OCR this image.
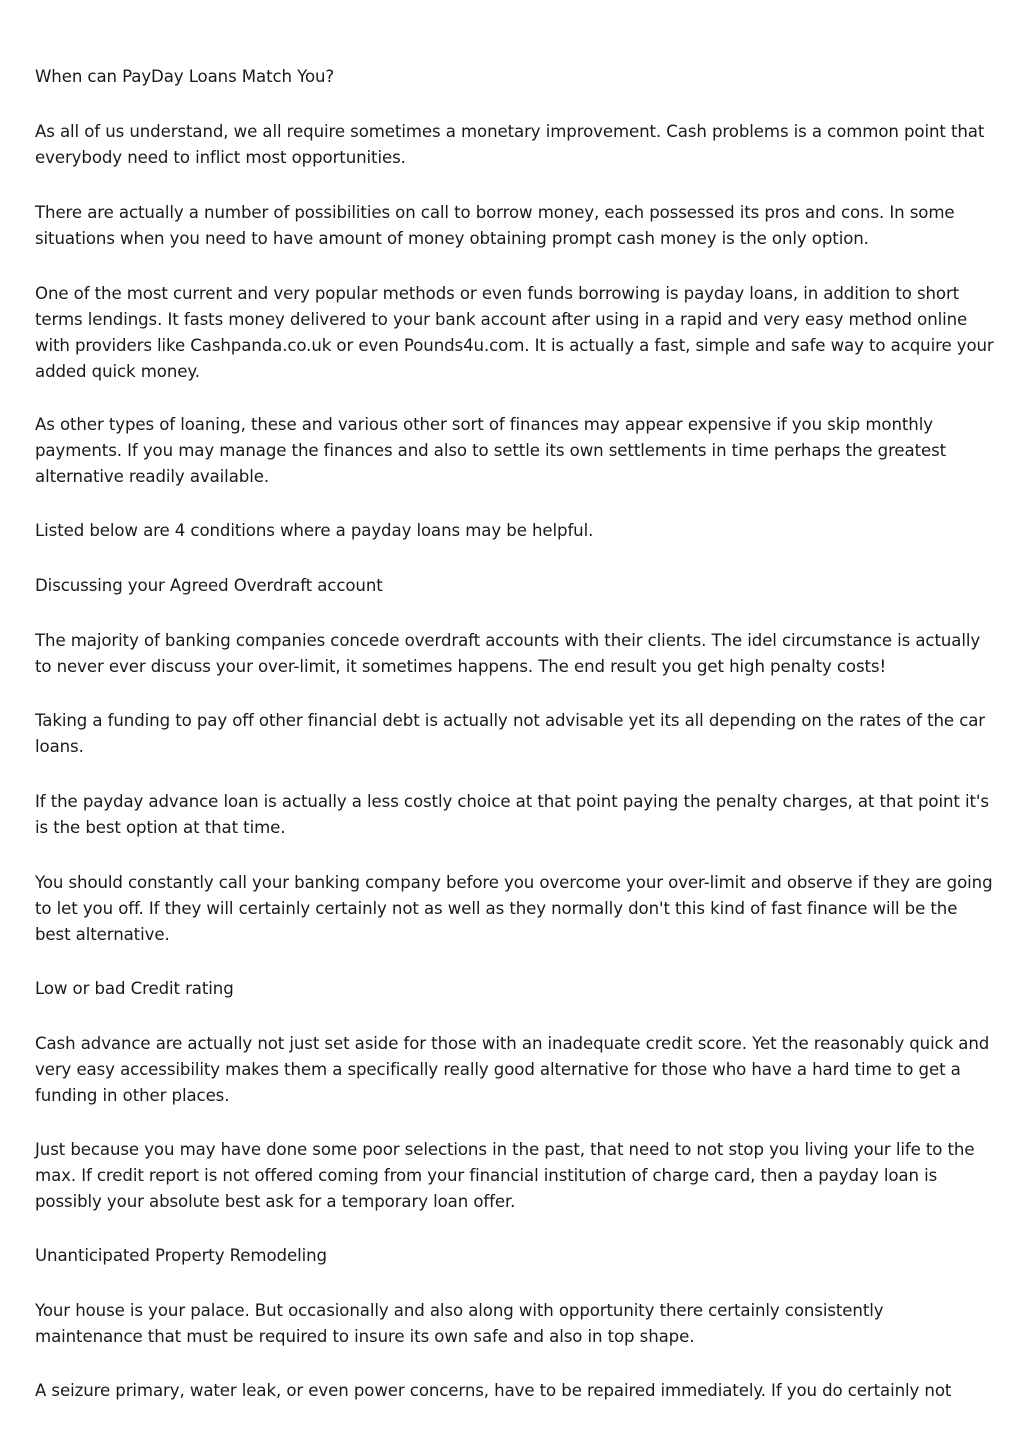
When can PayDay Loans Match You?

As all of us understand, we all require sometimes a monetary improvement. Cash problems is a common point that everybody need to inflict most opportunities.

There are actually a number of possibilities on call to borrow money, each possessed its pros and cons. In some situations when you need to have amount of money obtaining prompt cash money is the only option.

One of the most current and very popular methods or even funds borrowing is payday loans, in addition to short terms lendings. It fasts money delivered to your bank account after using in a rapid and very easy method online with providers like Cashpanda.co.uk or even Pounds4u.com. It is actually a fast, simple and safe way to acquire your added quick money.

As other types of loaning, these and various other sort of finances may appear expensive if you skip monthly payments. If you may manage the finances and also to settle its own settlements in time perhaps the greatest alternative readily available.

Listed below are 4 conditions where a payday loans may be helpful.

Discussing your Agreed Overdraft account

The majority of banking companies concede overdraft accounts with their clients. The idel circumstance is actually to never ever discuss your over-limit, it sometimes happens. The end result you get high penalty costs!

Taking a funding to pay off other financial debt is actually not advisable yet its all depending on the rates of the car loans.

If the payday advance loan is actually a less costly choice at that point paying the penalty charges, at that point it's is the best option at that time.

You should constantly call your banking company before you overcome your over-limit and observe if they are going to let you off. If they will certainly certainly not as well as they normally don't this kind of fast finance will be the best alternative.

Low or bad Credit rating

Cash advance are actually not just set aside for those with an inadequate credit score. Yet the reasonably quick and very easy accessibility makes them a specifically really good alternative for those who have a hard time to get a funding in other places.

Just because you may have done some poor selections in the past, that need to not stop you living your life to the max. If credit report is not offered coming from your financial institution of charge card, then a payday loan is possibly your absolute best ask for a temporary loan offer.

Unanticipated Property Remodeling

Your house is your palace. But occasionally and also along with opportunity there certainly consistently maintenance that must be required to insure its own safe and also in top shape.

A seizure primary, water leak, or even power concerns, have to be repaired immediately. If you do certainly not
